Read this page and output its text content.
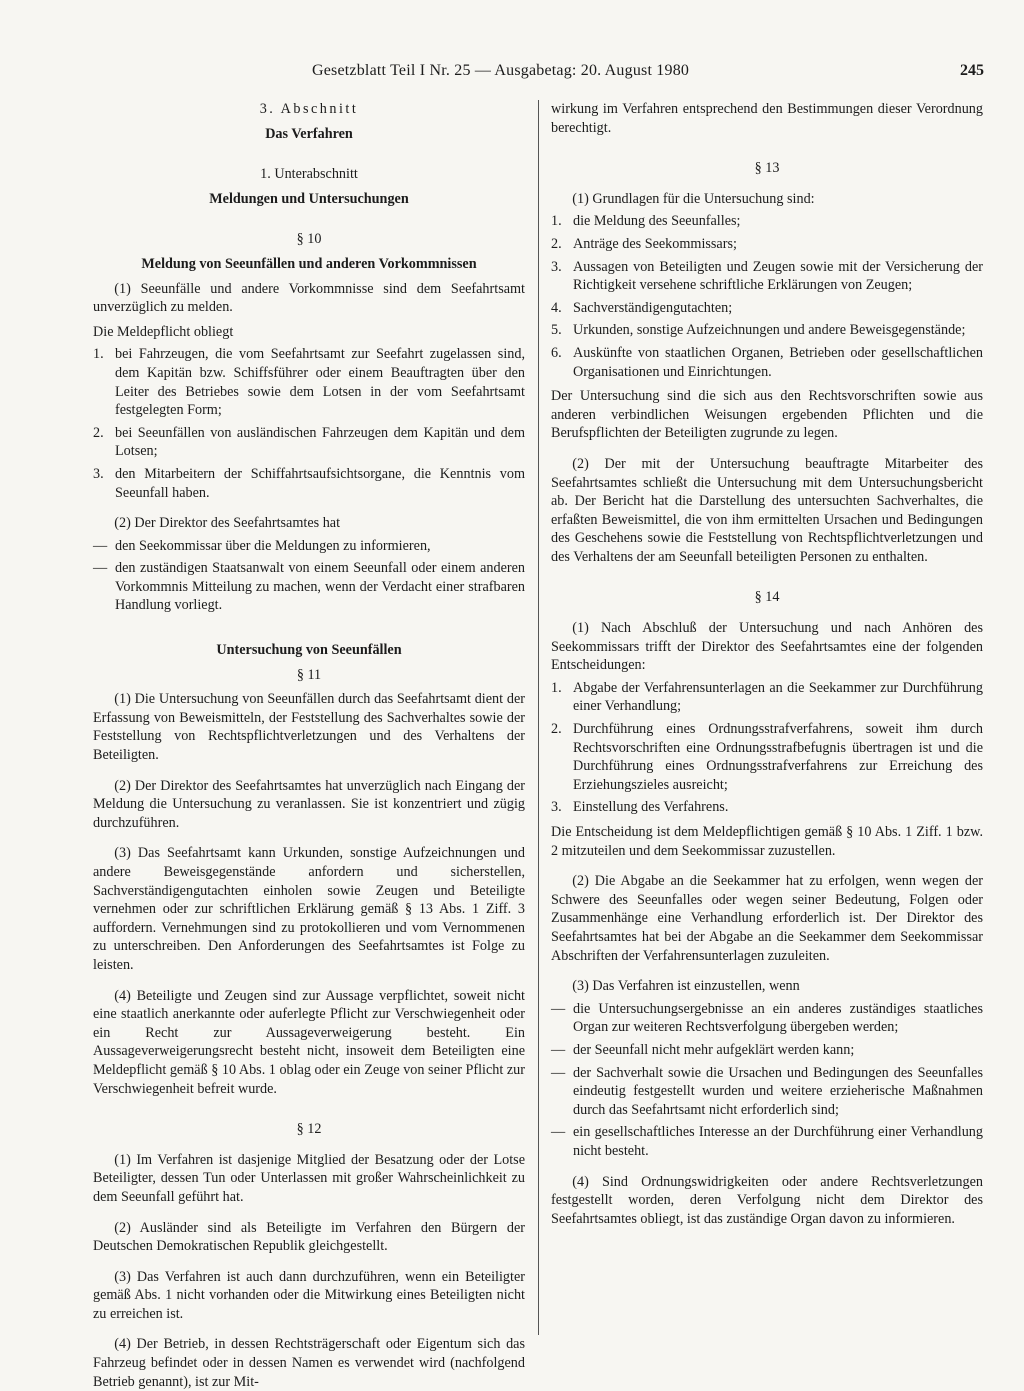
Gesetzblatt Teil I Nr. 25 — Ausgabetag: 20. August 1980	245

3. Abschnitt

Das Verfahren

1. Unterabschnitt

Meldungen und Untersuchungen

§ 10

Meldung von Seeunfällen und anderen Vorkommnissen

(1) Seeunfälle und andere Vorkommnisse sind dem Seefahrtsamt unverzüglich zu melden.

Die Meldepflicht obliegt

1. bei Fahrzeugen, die vom Seefahrtsamt zur Seefahrt zugelassen sind, dem Kapitän bzw. Schiffsführer oder einem Beauftragten über den Leiter des Betriebes sowie dem Lotsen in der vom Seefahrtsamt festgelegten Form;
2. bei Seeunfällen von ausländischen Fahrzeugen dem Kapitän und dem Lotsen;
3. den Mitarbeitern der Schiffahrtsaufsichtsorgane, die Kenntnis vom Seeunfall haben.

(2) Der Direktor des Seefahrtsamtes hat

— den Seekommissar über die Meldungen zu informieren,
— den zuständigen Staatsanwalt von einem Seeunfall oder einem anderen Vorkommnis Mitteilung zu machen, wenn der Verdacht einer strafbaren Handlung vorliegt.

Untersuchung von Seeunfällen

§ 11

(1) Die Untersuchung von Seeunfällen durch das Seefahrtsamt dient der Erfassung von Beweismitteln, der Feststellung des Sachverhaltes sowie der Feststellung von Rechtspflichtverletzungen und des Verhaltens der Beteiligten.

(2) Der Direktor des Seefahrtsamtes hat unverzüglich nach Eingang der Meldung die Untersuchung zu veranlassen. Sie ist konzentriert und zügig durchzuführen.

(3) Das Seefahrtsamt kann Urkunden, sonstige Aufzeichnungen und andere Beweisgegenstände anfordern und sicherstellen, Sachverständigengutachten einholen sowie Zeugen und Beteiligte vernehmen oder zur schriftlichen Erklärung gemäß § 13 Abs. 1 Ziff. 3 auffordern. Vernehmungen sind zu protokollieren und vom Vernommenen zu unterschreiben. Den Anforderungen des Seefahrtsamtes ist Folge zu leisten.

(4) Beteiligte und Zeugen sind zur Aussage verpflichtet, soweit nicht eine staatlich anerkannte oder auferlegte Pflicht zur Verschwiegenheit oder ein Recht zur Aussageverweigerung besteht. Ein Aussageverweigerungsrecht besteht nicht, insoweit dem Beteiligten eine Meldepflicht gemäß § 10 Abs. 1 oblag oder ein Zeuge von seiner Pflicht zur Verschwiegenheit befreit wurde.

§ 12

(1) Im Verfahren ist dasjenige Mitglied der Besatzung oder der Lotse Beteiligter, dessen Tun oder Unterlassen mit großer Wahrscheinlichkeit zu dem Seeunfall geführt hat.

(2) Ausländer sind als Beteiligte im Verfahren den Bürgern der Deutschen Demokratischen Republik gleichgestellt.

(3) Das Verfahren ist auch dann durchzuführen, wenn ein Beteiligter gemäß Abs. 1 nicht vorhanden oder die Mitwirkung eines Beteiligten nicht zu erreichen ist.

(4) Der Betrieb, in dessen Rechtsträgerschaft oder Eigentum sich das Fahrzeug befindet oder in dessen Namen es verwendet wird (nachfolgend Betrieb genannt), ist zur Mit-

wirkung im Verfahren entsprechend den Bestimmungen dieser Verordnung berechtigt.

§ 13

(1) Grundlagen für die Untersuchung sind:

1. die Meldung des Seeunfalles;
2. Anträge des Seekommissars;
3. Aussagen von Beteiligten und Zeugen sowie mit der Versicherung der Richtigkeit versehene schriftliche Erklärungen von Zeugen;
4. Sachverständigengutachten;
5. Urkunden, sonstige Aufzeichnungen und andere Beweisgegenstände;
6. Auskünfte von staatlichen Organen, Betrieben oder gesellschaftlichen Organisationen und Einrichtungen.

Der Untersuchung sind die sich aus den Rechtsvorschriften sowie aus anderen verbindlichen Weisungen ergebenden Pflichten und die Berufspflichten der Beteiligten zugrunde zu legen.

(2) Der mit der Untersuchung beauftragte Mitarbeiter des Seefahrtsamtes schließt die Untersuchung mit dem Untersuchungsbericht ab. Der Bericht hat die Darstellung des untersuchten Sachverhaltes, die erfaßten Beweismittel, die von ihm ermittelten Ursachen und Bedingungen des Geschehens sowie die Feststellung von Rechtspflichtverletzungen und des Verhaltens der am Seeunfall beteiligten Personen zu enthalten.

§ 14

(1) Nach Abschluß der Untersuchung und nach Anhören des Seekommissars trifft der Direktor des Seefahrtsamtes eine der folgenden Entscheidungen:

1. Abgabe der Verfahrensunterlagen an die Seekammer zur Durchführung einer Verhandlung;
2. Durchführung eines Ordnungsstrafverfahrens, soweit ihm durch Rechtsvorschriften eine Ordnungsstrafbefugnis übertragen ist und die Durchführung eines Ordnungsstrafverfahrens zur Erreichung des Erziehungszieles ausreicht;
3. Einstellung des Verfahrens.

Die Entscheidung ist dem Meldepflichtigen gemäß § 10 Abs. 1 Ziff. 1 bzw. 2 mitzuteilen und dem Seekommissar zuzustellen.

(2) Die Abgabe an die Seekammer hat zu erfolgen, wenn wegen der Schwere des Seeunfalles oder wegen seiner Bedeutung, Folgen oder Zusammenhänge eine Verhandlung erforderlich ist. Der Direktor des Seefahrtsamtes hat bei der Abgabe an die Seekammer dem Seekommissar Abschriften der Verfahrensunterlagen zuzuleiten.

(3) Das Verfahren ist einzustellen, wenn

— die Untersuchungsergebnisse an ein anderes zuständiges staatliches Organ zur weiteren Rechtsverfolgung übergeben werden;
— der Seeunfall nicht mehr aufgeklärt werden kann;
— der Sachverhalt sowie die Ursachen und Bedingungen des Seeunfalles eindeutig festgestellt wurden und weitere erzieherische Maßnahmen durch das Seefahrtsamt nicht erforderlich sind;
— ein gesellschaftliches Interesse an der Durchführung einer Verhandlung nicht besteht.

(4) Sind Ordnungswidrigkeiten oder andere Rechtsverletzungen festgestellt worden, deren Verfolgung nicht dem Direktor des Seefahrtsamtes obliegt, ist das zuständige Organ davon zu informieren.
